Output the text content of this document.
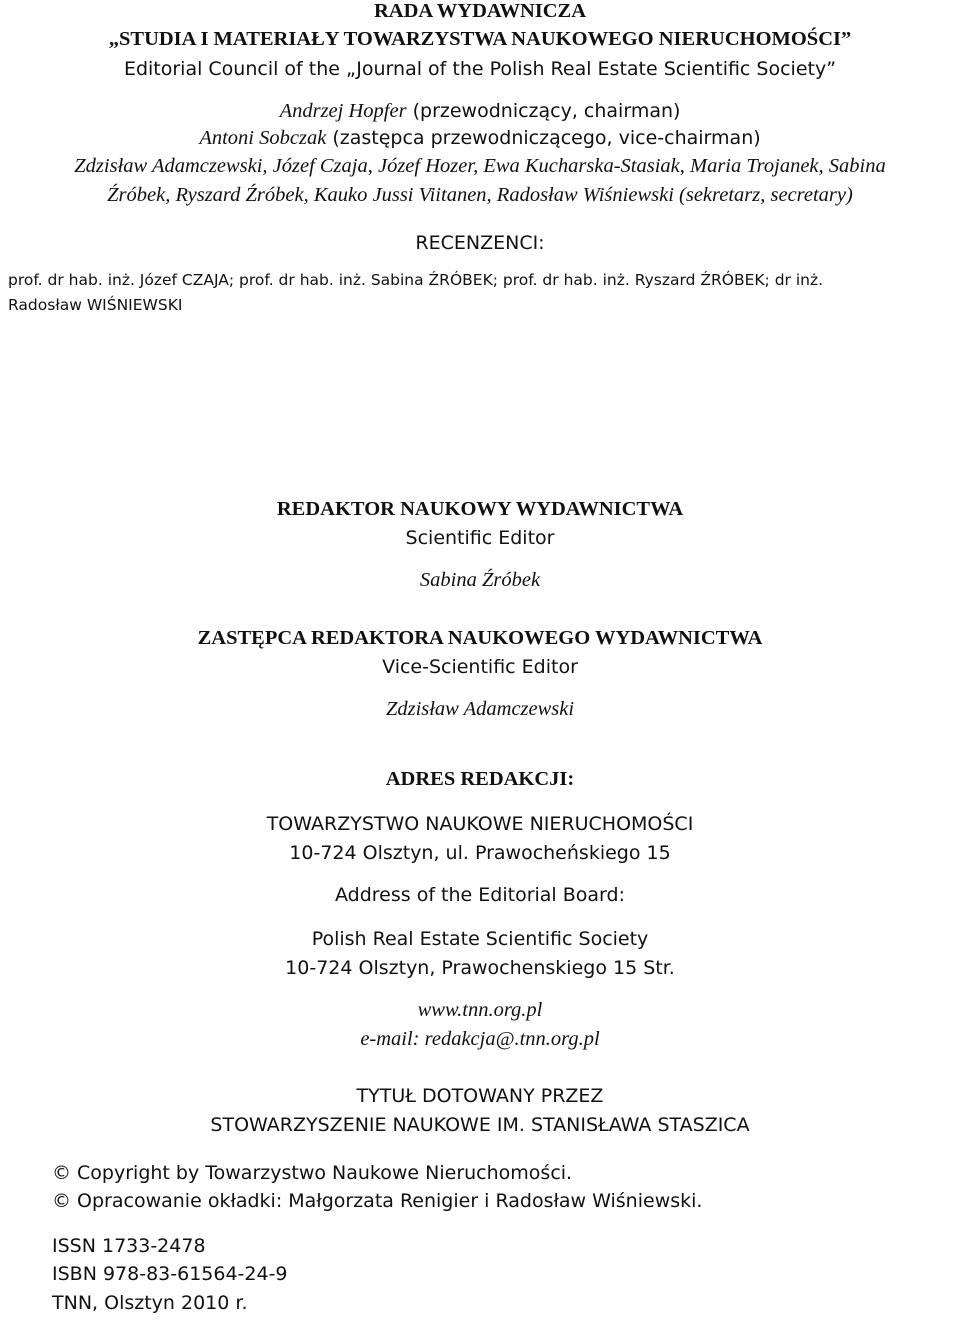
RADA WYDAWNICZA
„STUDIA I MATERIAŁY TOWARZYSTWA NAUKOWEGO NIERUCHOMOŚCI”
Editorial Council of the „Journal of the Polish Real Estate Scientific Society”
Andrzej Hopfer (przewodniczący, chairman)
Antoni Sobczak (zastępca przewodniczącego, vice-chairman)
Zdzisław Adamczewski, Józef Czaja, Józef Hozer, Ewa Kucharska-Stasiak, Maria Trojanek, Sabina
Źróbek, Ryszard Źróbek, Kauko Jussi Viitanen, Radosław Wiśniewski (sekretarz, secretary)
RECENZENCI:
prof. dr hab. inż. Józef CZAJA; prof. dr hab. inż. Sabina ŹRÓBEK; prof. dr hab. inż. Ryszard ŹRÓBEK; dr inż.
Radosław WIŚNIEWSKI
REDAKTOR NAUKOWY WYDAWNICTWA
Scientific Editor
Sabina Źróbek
ZASTĘPCA REDAKTORA NAUKOWEGO WYDAWNICTWA
Vice-Scientific Editor
Zdzisław Adamczewski
ADRES REDAKCJI:
TOWARZYSTWO NAUKOWE NIERUCHOMOŚCI
10-724 Olsztyn, ul. Prawocheńskiego 15
Address of the Editorial Board:
Polish Real Estate Scientific Society
10-724 Olsztyn, Prawochenskiego 15 Str.
www.tnn.org.pl
e-mail: redakcja@.tnn.org.pl
TYTUŁ DOTOWANY PRZEZ
STOWARZYSZENIE NAUKOWE IM. STANISŁAWA STASZICA
© Copyright by Towarzystwo Naukowe Nieruchomości.
© Opracowanie okładki: Małgorzata Renigier i Radosław Wiśniewski.
ISSN 1733-2478
ISBN 978-83-61564-24-9
TNN, Olsztyn 2010 r.
